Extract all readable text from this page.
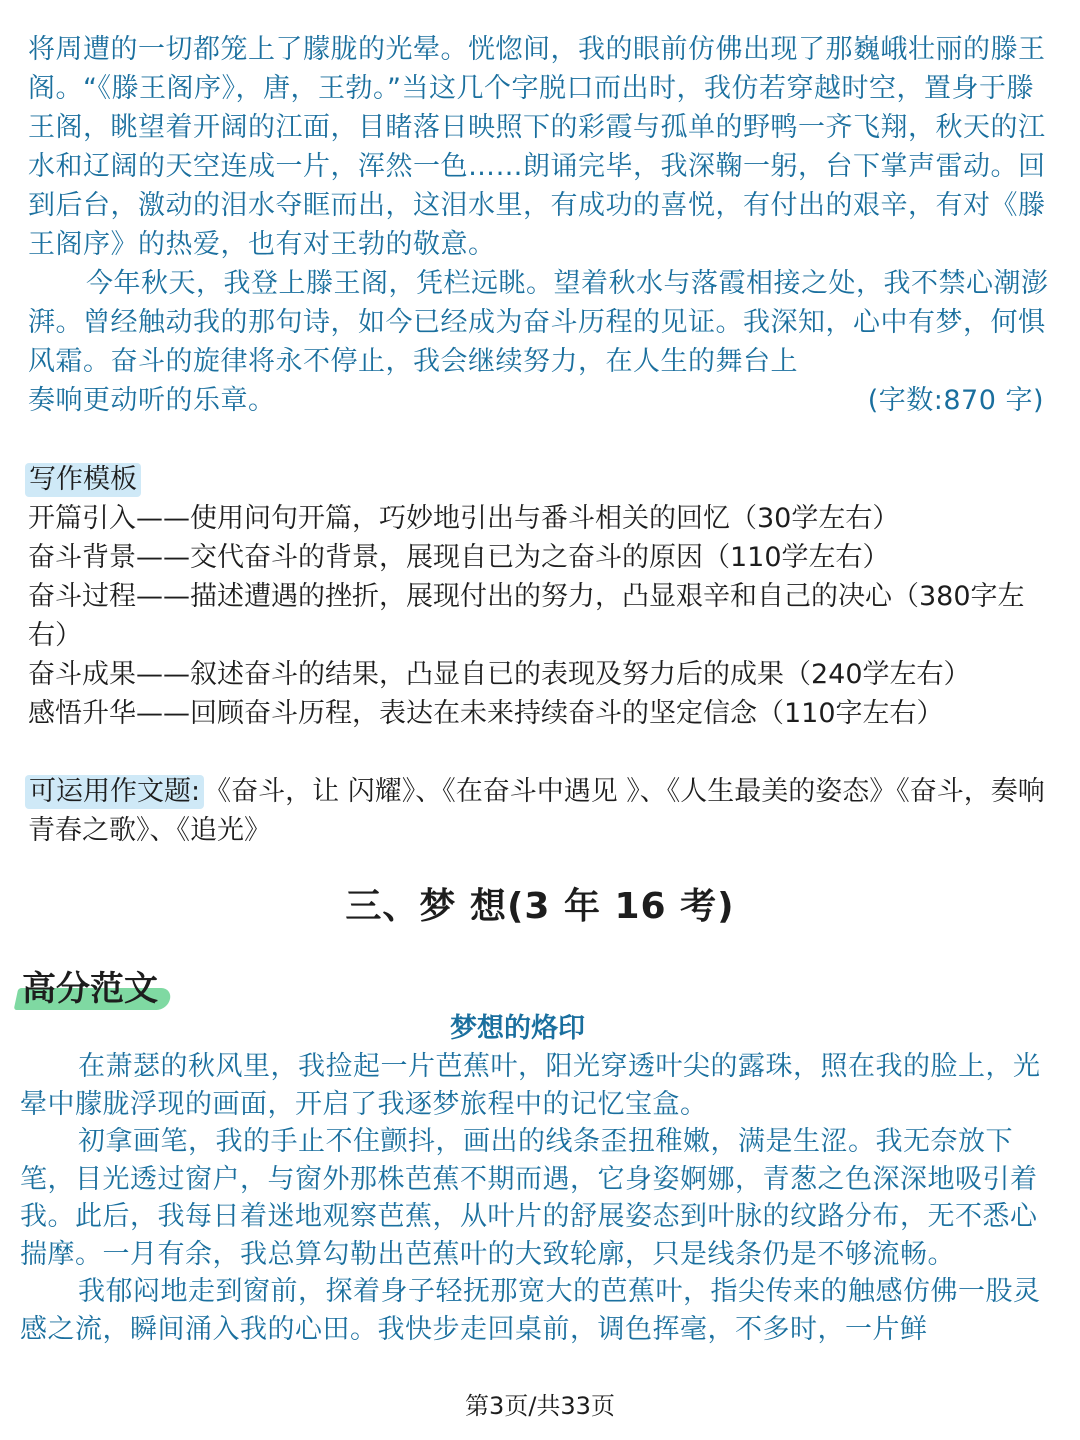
将周遭的一切都笼上了朦胧的光晕。恍惚间，我的眼前仿佛出现了那巍峨壮丽的滕王阁。“《滕王阁序》，唐，王勃。”当这几个字脱口而出时，我仿若穿越时空，置身于滕王阁，眺望着开阔的江面，目睹落日映照下的彩霞与孤单的野鸭一齐飞翔，秋天的江水和辽阔的天空连成一片，浑然一色……朗诵完毕，我深鞠一躬，台下掌声雷动。回到后台，激动的泪水夺眶而出，这泪水里，有成功的喜悦，有付出的艰辛，有对《滕王阁序》的热爱，也有对王勃的敬意。

今年秋天，我登上滕王阁，凭栏远眺。望着秋水与落霞相接之处，我不禁心潮澎湃。曾经触动我的那句诗，如今已经成为奋斗历程的见证。我深知，心中有梦，何惧风霜。奋斗的旋律将永不停止，我会继续努力，在人生的舞台上

奏响更动听的乐章。	(字数:870 字)

写作模板

开篇引入——使用问句开篇，巧妙地引出与番斗相关的回忆（30学左右）

奋斗背景——交代奋斗的背景，展现自已为之奋斗的原因（110学左右）

奋斗过程——描述遭遇的挫折，展现付出的努力，凸显艰辛和自己的决心（380字左右）

奋斗成果——叙述奋斗的结果，凸显自已的表现及努力后的成果（240学左右）

感悟升华——回顾奋斗历程，表达在未来持续奋斗的坚定信念（110字左右）

可运用作文题: 《奋斗，让 闪耀》、《在奋斗中遇见 》、《人生最美的姿态》《奋斗，奏响青春之歌》、《追光》

三、梦 想(3 年 16 考)
高分范文
梦想的烙印

在萧瑟的秋风里，我捡起一片芭蕉叶，阳光穿透叶尖的露珠，照在我的脸上，光晕中朦胧浮现的画面，开启了我逐梦旅程中的记忆宝盒。

初拿画笔，我的手止不住颤抖，画出的线条歪扭稚嫩，满是生涩。我无奈放下笔，目光透过窗户，与窗外那株芭蕉不期而遇，它身姿婀娜，青葱之色深深地吸引着我。此后，我每日着迷地观察芭蕉，从叶片的舒展姿态到叶脉的纹路分布，无不悉心揣摩。一月有余，我总算勾勒出芭蕉叶的大致轮廓，只是线条仍是不够流畅。

我郁闷地走到窗前，探着身子轻抚那宽大的芭蕉叶，指尖传来的触感仿佛一股灵感之流，瞬间涌入我的心田。我快步走回桌前，调色挥毫，不多时，一片鲜

第3页/共33页
